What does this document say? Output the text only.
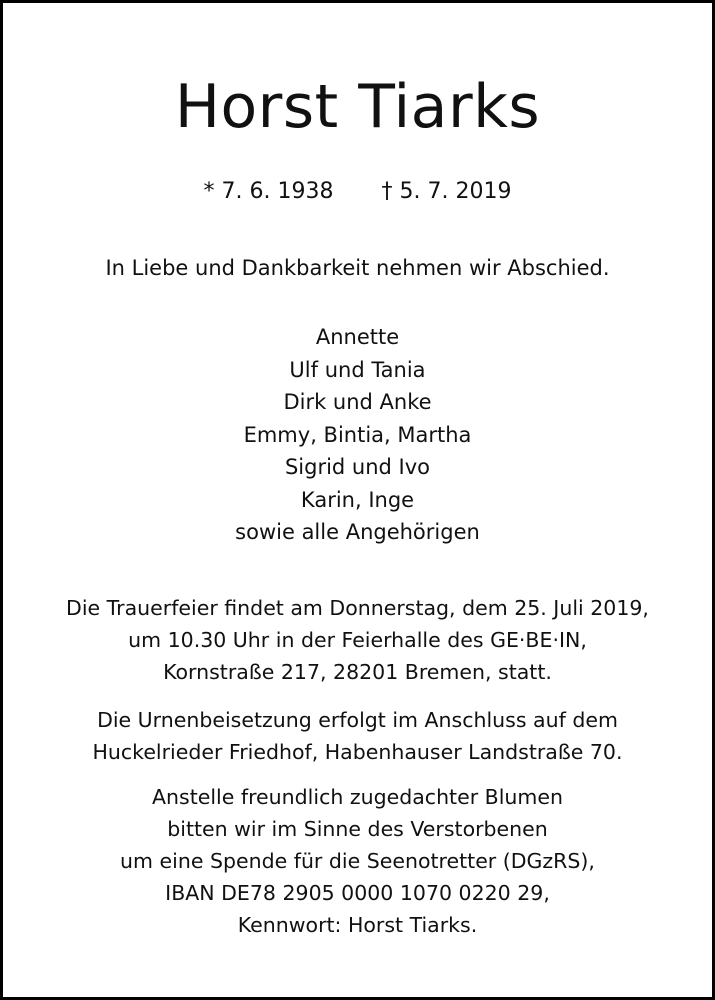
Horst Tiarks
* 7. 6. 1938 † 5. 7. 2019
In Liebe und Dankbarkeit nehmen wir Abschied.
Annette
Ulf und Tania
Dirk und Anke
Emmy, Bintia, Martha
Sigrid und Ivo
Karin, Inge
sowie alle Angehörigen
Die Trauerfeier findet am Donnerstag, dem 25. Juli 2019,
um 10.30 Uhr in der Feierhalle des GE·BE·IN,
Kornstraße 217, 28201 Bremen, statt.
Die Urnenbeisetzung erfolgt im Anschluss auf dem
Huckelrieder Friedhof, Habenhauser Landstraße 70.
Anstelle freundlich zugedachter Blumen
bitten wir im Sinne des Verstorbenen
um eine Spende für die Seenotretter (DGzRS),
IBAN DE78 2905 0000 1070 0220 29,
Kennwort: Horst Tiarks.
